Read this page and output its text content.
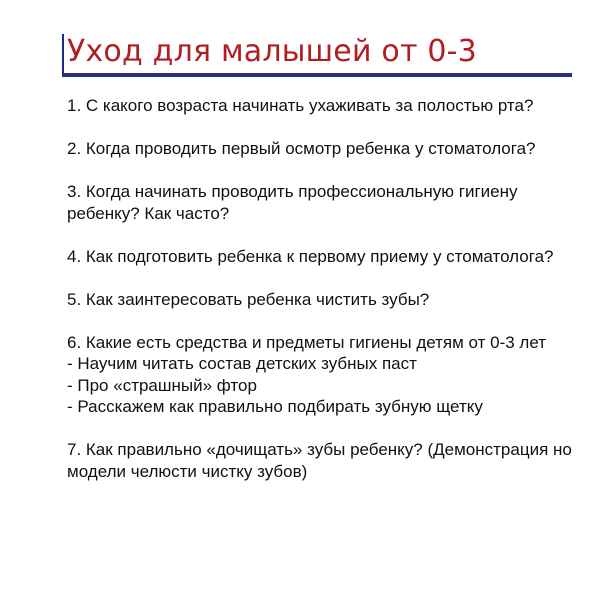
Уход для малышей от 0-3
1. С какого возраста начинать ухаживать за полостью рта?
2. Когда проводить первый осмотр ребенка у стоматолога?
3. Когда начинать проводить профессиональную гигиену ребенку? Как часто?
4. Как подготовить ребенка к первому приему у стоматолога?
5. Как заинтересовать ребенка чистить зубы?
6. Какие есть средства и предметы гигиены детям от 0-3 лет
- Научим читать состав детских зубных паст
- Про «страшный» фтор
- Расскажем как правильно подбирать зубную щетку
7. Как правильно «дочищать» зубы ребенку? (Демонстрация но модели челюсти чистку зубов)
